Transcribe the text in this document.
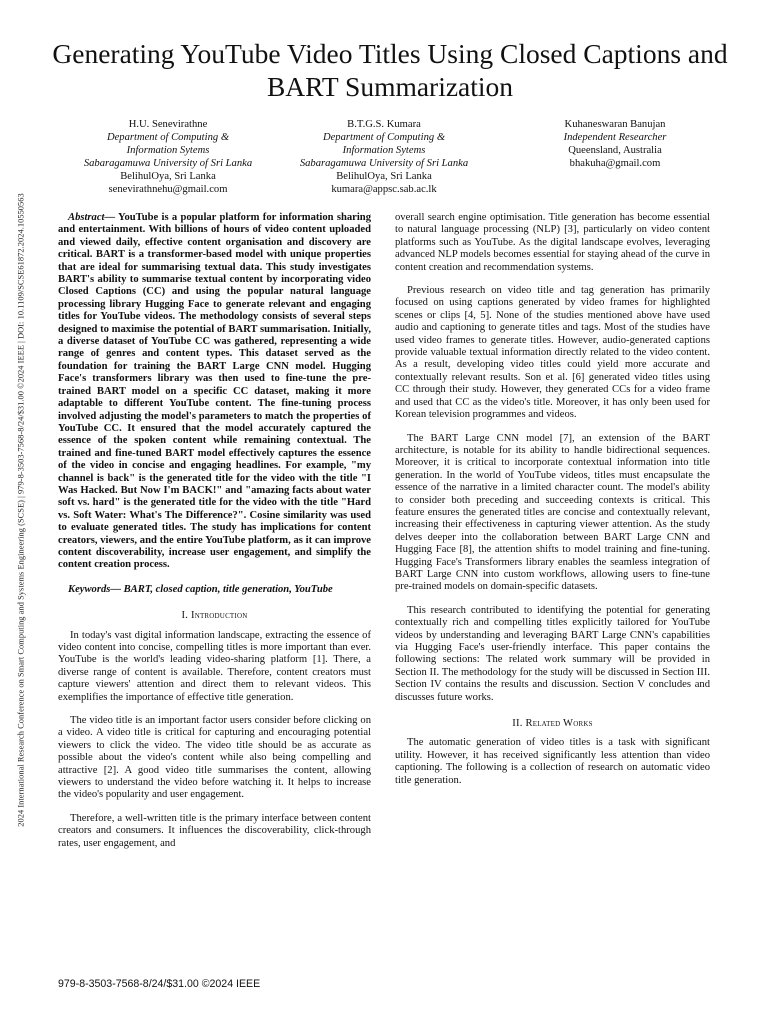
2024 International Research Conference on Smart Computing and Systems Engineering (SCSE) | 979-8-3503-7568-8/24/$31.00 ©2024 IEEE | DOI: 10.1109/SCSE61872.2024.10550563
Generating YouTube Video Titles Using Closed Captions and BART Summarization
H.U. Senevirathne
Department of Computing & Information Sytems
Sabaragamuwa University of Sri Lanka
BelihulOya, Sri Lanka
senevirathnehu@gmail.com
B.T.G.S. Kumara
Department of Computing & Information Sytems
Sabaragamuwa University of Sri Lanka
BelihulOya, Sri Lanka
kumara@appsc.sab.ac.lk
Kuhaneswaran Banujan
Independent Researcher
Queensland, Australia
bhakuha@gmail.com

Abstract— YouTube is a popular platform for information sharing and entertainment. With billions of hours of video content uploaded and viewed daily, effective content organisation and discovery are critical. BART is a transformer-based model with unique properties that are ideal for summarising textual data. This study investigates BART's ability to summarise textual content by incorporating video Closed Captions (CC) and using the popular natural language processing library Hugging Face to generate relevant and engaging titles for YouTube videos. The methodology consists of several steps designed to maximise the potential of BART summarisation. Initially, a diverse dataset of YouTube CC was gathered, representing a wide range of genres and content types. This dataset served as the foundation for training the BART Large CNN model. Hugging Face's transformers library was then used to fine-tune the pre-trained BART model on a specific CC dataset, making it more adaptable to different YouTube content. The fine-tuning process involved adjusting the model's parameters to match the properties of YouTube CC. It ensured that the model accurately captured the essence of the spoken content while remaining contextual. The trained and fine-tuned BART model effectively captures the essence of the video in concise and engaging headlines. For example, "my channel is back" is the generated title for the video with the title "I Was Hacked. But Now I'm BACK!" and "amazing facts about water soft vs. hard" is the generated title for the video with the title "Hard vs. Soft Water: What's The Difference?". Cosine similarity was used to evaluate generated titles. The study has implications for content creators, viewers, and the entire YouTube platform, as it can improve content discoverability, increase user engagement, and simplify the content creation process.

Keywords— BART, closed caption, title generation, YouTube

I. Introduction

In today's vast digital information landscape, extracting the essence of video content into concise, compelling titles is more important than ever. YouTube is the world's leading video-sharing platform [1]. There, a diverse range of content is available. Therefore, content creators must capture viewers' attention and direct them to relevant videos. This exemplifies the importance of effective title generation.

The video title is an important factor users consider before clicking on a video. A video title is critical for capturing and encouraging potential viewers to click the video. The video title should be as accurate as possible about the video's content while also being compelling and attractive [2]. A good video title summarises the content, allowing viewers to understand the video before watching it. It helps to increase the video's popularity and user engagement.

Therefore, a well-written title is the primary interface between content creators and consumers. It influences the discoverability, click-through rates, user engagement, and

overall search engine optimisation. Title generation has become essential to natural language processing (NLP) [3], particularly on video content platforms such as YouTube. As the digital landscape evolves, leveraging advanced NLP models becomes essential for staying ahead of the curve in content creation and recommendation systems.

Previous research on video title and tag generation has primarily focused on using captions generated by video frames for highlighted scenes or clips [4, 5]. None of the studies mentioned above have used audio and captioning to generate titles and tags. Most of the studies have used video frames to generate titles. However, audio-generated captions provide valuable textual information directly related to the video content. As a result, developing video titles could yield more accurate and contextually relevant results. Son et al. [6] generated video titles using CC through their study. However, they generated CCs for a video frame and used that CC as the video's title. Moreover, it has only been used for Korean television programmes and videos.

The BART Large CNN model [7], an extension of the BART architecture, is notable for its ability to handle bidirectional sequences. Moreover, it is critical to incorporate contextual information into title generation. In the world of YouTube videos, titles must encapsulate the essence of the narrative in a limited character count. The model's ability to consider both preceding and succeeding contexts is critical. This feature ensures the generated titles are concise and contextually relevant, increasing their effectiveness in capturing viewer attention. As the study delves deeper into the collaboration between BART Large CNN and Hugging Face [8], the attention shifts to model training and fine-tuning. Hugging Face's Transformers library enables the seamless integration of BART Large CNN into custom workflows, allowing users to fine-tune pre-trained models on domain-specific datasets.

This research contributed to identifying the potential for generating contextually rich and compelling titles explicitly tailored for YouTube videos by understanding and leveraging BART Large CNN's capabilities via Hugging Face's user-friendly interface. This paper contains the following sections: The related work summary will be provided in Section II. The methodology for the study will be discussed in Section III. Section IV contains the results and discussion. Section V concludes and discusses future works.

II. Related Works

The automatic generation of video titles is a task with significant utility. However, it has received significantly less attention than video captioning. The following is a collection of research on automatic video title generation.

979-8-3503-7568-8/24/$31.00 ©2024 IEEE
